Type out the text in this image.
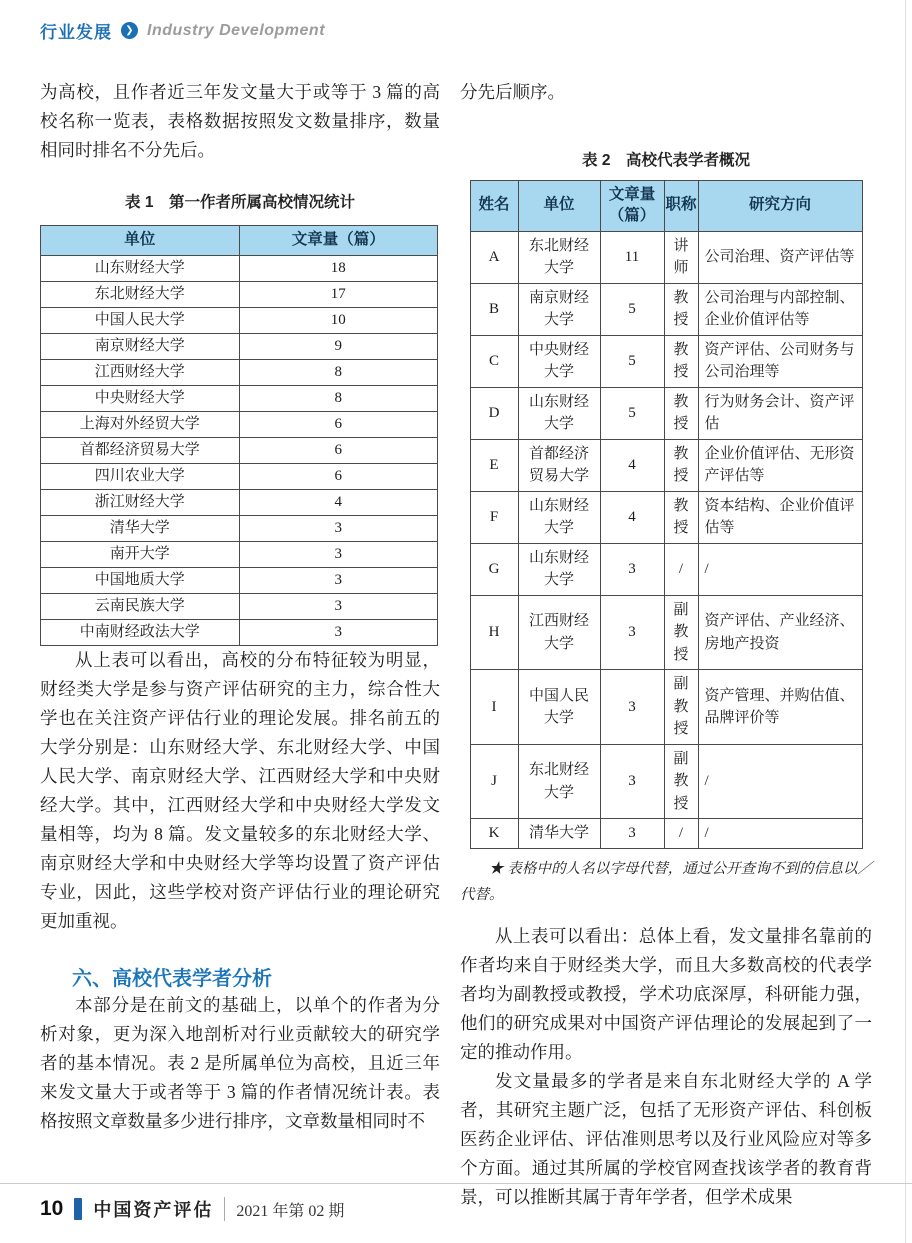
行业发展	❯ Industry Development

为高校，且作者近三年发文量大于或等于 3 篇的高校名称一览表，表格数据按照发文数量排序，数量相同时排名不分先后。

表 1　第一作者所属高校情况统计

单位	文章量（篇）
山东财经大学	18
东北财经大学	17
中国人民大学	10
南京财经大学	9
江西财经大学	8
中央财经大学	8
上海对外经贸大学	6
首都经济贸易大学	6
四川农业大学	6
浙江财经大学	4
清华大学	3
南开大学	3
中国地质大学	3
云南民族大学	3
中南财经政法大学	3

从上表可以看出，高校的分布特征较为明显，财经类大学是参与资产评估研究的主力，综合性大学也在关注资产评估行业的理论发展。排名前五的大学分别是：山东财经大学、东北财经大学、中国人民大学、南京财经大学、江西财经大学和中央财经大学。其中，江西财经大学和中央财经大学发文量相等，均为 8 篇。发文量较多的东北财经大学、南京财经大学和中央财经大学等均设置了资产评估专业，因此，这些学校对资产评估行业的理论研究更加重视。

六、高校代表学者分析

本部分是在前文的基础上，以单个的作者为分析对象，更为深入地剖析对行业贡献较大的研究学者的基本情况。表 2 是所属单位为高校，且近三年来发文量大于或者等于 3 篇的作者情况统计表。表格按照文章数量多少进行排序，文章数量相同时不

分先后顺序。

表 2　高校代表学者概况

姓名	单位	文章量（篇）	职称	研究方向
A	东北财经大学	11	讲师	公司治理、资产评估等
B	南京财经大学	5	教授	公司治理与内部控制、企业价值评估等
C	中央财经大学	5	教授	资产评估、公司财务与公司治理等
D	山东财经大学	5	教授	行为财务会计、资产评估
E	首都经济贸易大学	4	教授	企业价值评估、无形资产评估等
F	山东财经大学	4	教授	资本结构、企业价值评估等
G	山东财经大学	3	/	/
H	江西财经大学	3	副教授	资产评估、产业经济、房地产投资
I	中国人民大学	3	副教授	资产管理、并购估值、品牌评价等
J	东北财经大学	3	副教授	/
K	清华大学	3	/	/

★ 表格中的人名以字母代替，通过公开查询不到的信息以／代替。

从上表可以看出：总体上看，发文量排名靠前的作者均来自于财经类大学，而且大多数高校的代表学者均为副教授或教授，学术功底深厚，科研能力强，他们的研究成果对中国资产评估理论的发展起到了一定的推动作用。

发文量最多的学者是来自东北财经大学的 A 学者，其研究主题广泛，包括了无形资产评估、科创板医药企业评估、评估准则思考以及行业风险应对等多个方面。通过其所属的学校官网查找该学者的教育背景，可以推断其属于青年学者，但学术成果

10 中国资产评估 2021 年第 02 期
